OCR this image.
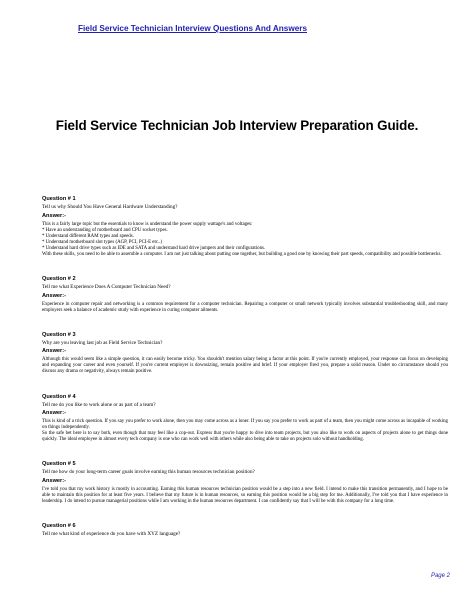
Field Service Technician Interview Questions And Answers
Field Service Technician Job Interview Preparation Guide.
Question # 1
Tell us why Should You Have General Hardware Understanding?
Answer:-
This is a fairly large topic but the essentials to know is understand the power supply wattage's and voltages:
* Have an understanding of motherboard and CPU socket types.
* Understand different RAM types and speeds.
* Understand motherboard slot types (AGP, PCI, PCI-E etc..)
* Understand hard drive types such as IDE and SATA and understand hard drive jumpers and their configurations.
With these skills, you need to be able to assemble a computer. I am not just talking about putting one together, but building a good one by knowing their part speeds, compatibility and possible bottlenecks.
Question # 2
Tell me what Experience Does A Computer Technician Need?
Answer:-
Experience in computer repair and networking is a common requirement for a computer technician. Repairing a computer or small network typically involves substantial troubleshooting skill, and many employers seek a balance of academic study with experience in curing computer ailments.
Question # 3
Why are you leaving last job as Field Service Technician?
Answer:-
Although this would seem like a simple question, it can easily become tricky. You shouldn't mention salary being a factor at this point. If you're currently employed, your response can focus on developing and expanding your career and even yourself. If you're current employer is downsizing, remain positive and brief. If your employer fired you, prepare a solid reason. Under no circumstance should you discuss any drama or negativity, always remain positive.
Question # 4
Tell me do you like to work alone or as part of a team?
Answer:-
This is kind of a trick question. If you say you prefer to work alone, then you may come across as a loner. If you say you prefer to work as part of a team, then you might come across as incapable of working on things independently.
So the safe bet here is to say both, even though that may feel like a cop-out. Express that you're happy to dive into team projects, but you also like to work on aspects of projects alone to get things done quickly. The ideal employee in almost every tech company is one who can work well with others while also being able to take on projects solo without handholding.
Question # 5
Tell me how do your long-term career goals involve earning this human resources technician position?
Answer:-
I've told you that my work history is mostly in accounting. Earning this human resources technician position would be a step into a new field. I intend to make this transition permanently, and I hope to be able to maintain this position for at least five years. I believe that my future is in human resources, so earning this position would be a big step for me. Additionally, I've told you that I have experience in leadership. I do intend to pursue managerial positions while I am working in the human resources department. I can confidently say that I will be with this company for a long time.
Question # 6
Tell me what kind of experience do you have with XYZ language?
Page 2
